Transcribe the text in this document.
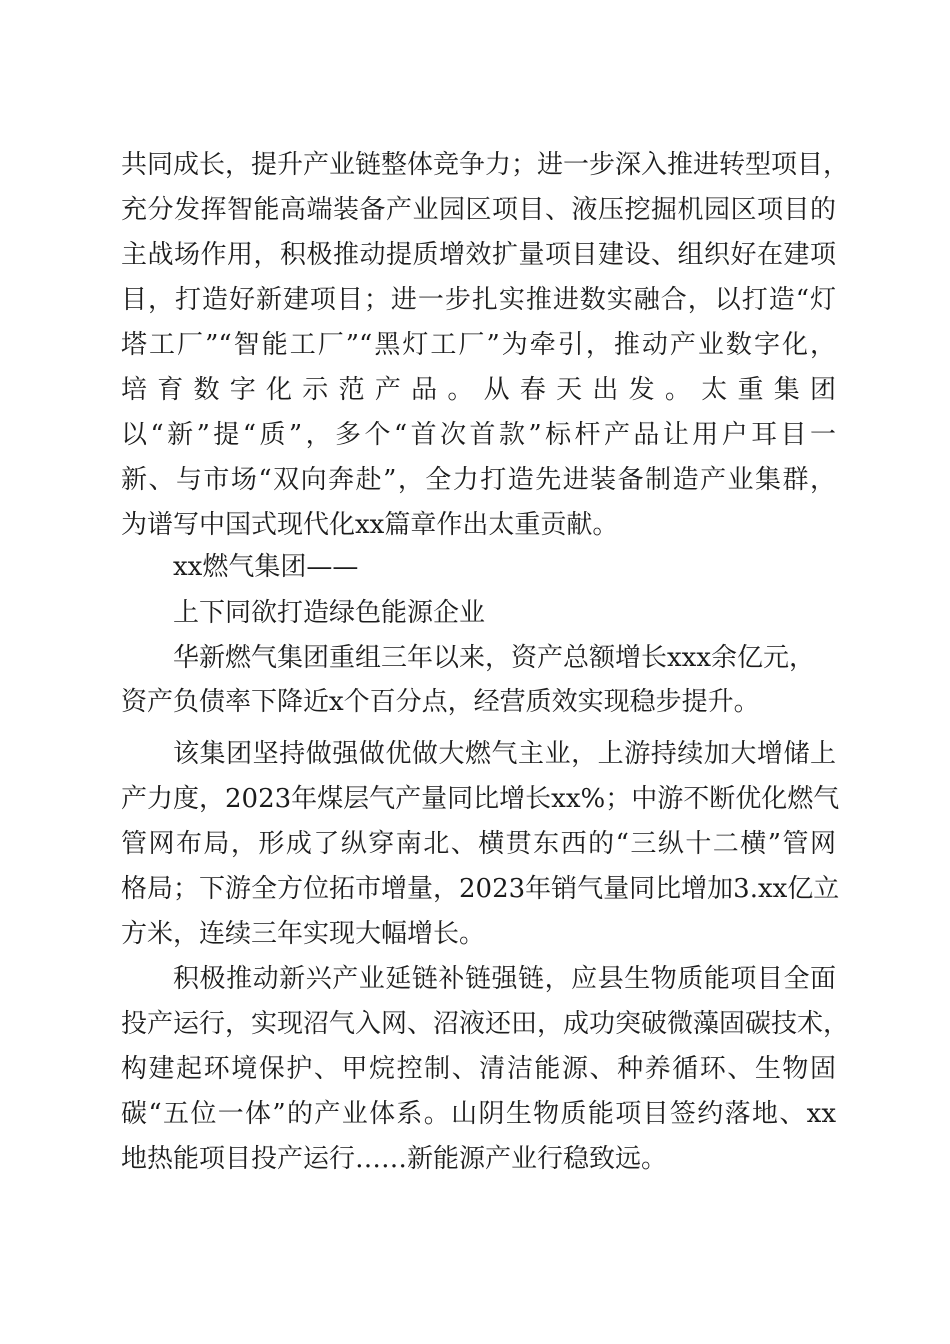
共同成长，提升产业链整体竞争力；进一步深入推进转型项目，

充分发挥智能高端装备产业园区项目、液压挖掘机园区项目的

主战场作用，积极推动提质增效扩量项目建设、组织好在建项

目，打造好新建项目；进一步扎实推进数实融合，以打造“灯

塔工厂”“智能工厂”“黑灯工厂”为牵引，推动产业数字化，

培育数字化示范产品。从春天出发。太重集团

以“新”提“质”，多个“首次首款”标杆产品让用户耳目一

新、与市场“双向奔赴”，全力打造先进装备制造产业集群，

为谱写中国式现代化xx篇章作出太重贡献。

xx燃气集团——

上下同欲打造绿色能源企业

华新燃气集团重组三年以来，资产总额增长xxx余亿元，

资产负债率下降近x个百分点，经营质效实现稳步提升。

该集团坚持做强做优做大燃气主业，上游持续加大增储上

产力度，2023年煤层气产量同比增长xx%；中游不断优化燃气

管网布局，形成了纵穿南北、横贯东西的“三纵十二横”管网

格局；下游全方位拓市增量，2023年销气量同比增加3.xx亿立

方米，连续三年实现大幅增长。

积极推动新兴产业延链补链强链，应县生物质能项目全面

投产运行，实现沼气入网、沼液还田，成功突破微藻固碳技术，

构建起环境保护、甲烷控制、清洁能源、种养循环、生物固

碳“五位一体”的产业体系。山阴生物质能项目签约落地、xx

地热能项目投产运行……新能源产业行稳致远。
